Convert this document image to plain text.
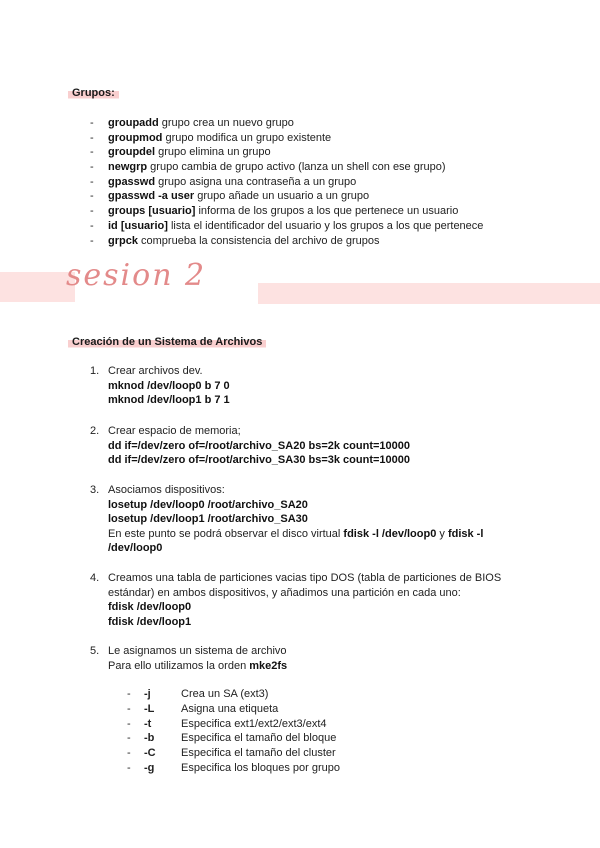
Grupos:
- groupadd grupo crea un nuevo grupo
- groupmod grupo modifica un grupo existente
- groupdel grupo elimina un grupo
- newgrp grupo cambia de grupo activo (lanza un shell con ese grupo)
- gpasswd grupo asigna una contraseña a un grupo
- gpasswd -a user grupo añade un usuario a un grupo
- groups [usuario] informa de los grupos a los que pertenece un usuario
- id [usuario] lista el identificador del usuario y los grupos a los que pertenece
- grpck comprueba la consistencia del archivo de grupos
sesion 2
Creación de un Sistema de Archivos
1. Crear archivos dev.
mknod /dev/loop0 b 7 0
mknod /dev/loop1 b 7 1
2. Crear espacio de memoria;
dd if=/dev/zero of=/root/archivo_SA20 bs=2k count=10000
dd if=/dev/zero of=/root/archivo_SA30 bs=3k count=10000
3. Asociamos dispositivos:
losetup /dev/loop0 /root/archivo_SA20
losetup /dev/loop1 /root/archivo_SA30
En este punto se podrá observar el disco virtual fdisk -l /dev/loop0 y fdisk -l /dev/loop0
4. Creamos una tabla de particiones vacias tipo DOS (tabla de particiones de BIOS estándar) en ambos dispositivos, y añadimos una partición en cada uno:
fdisk /dev/loop0
fdisk /dev/loop1
5. Le asignamos un sistema de archivo
Para ello utilizamos la orden mke2fs
- -j	Crea un SA (ext3)
- -L Asigna una etiqueta
- -t	Especifica ext1/ext2/ext3/ext4
- -b Especifica el tamaño del bloque
- -C Especifica el tamaño del cluster
- -g Especifica los bloques por grupo
